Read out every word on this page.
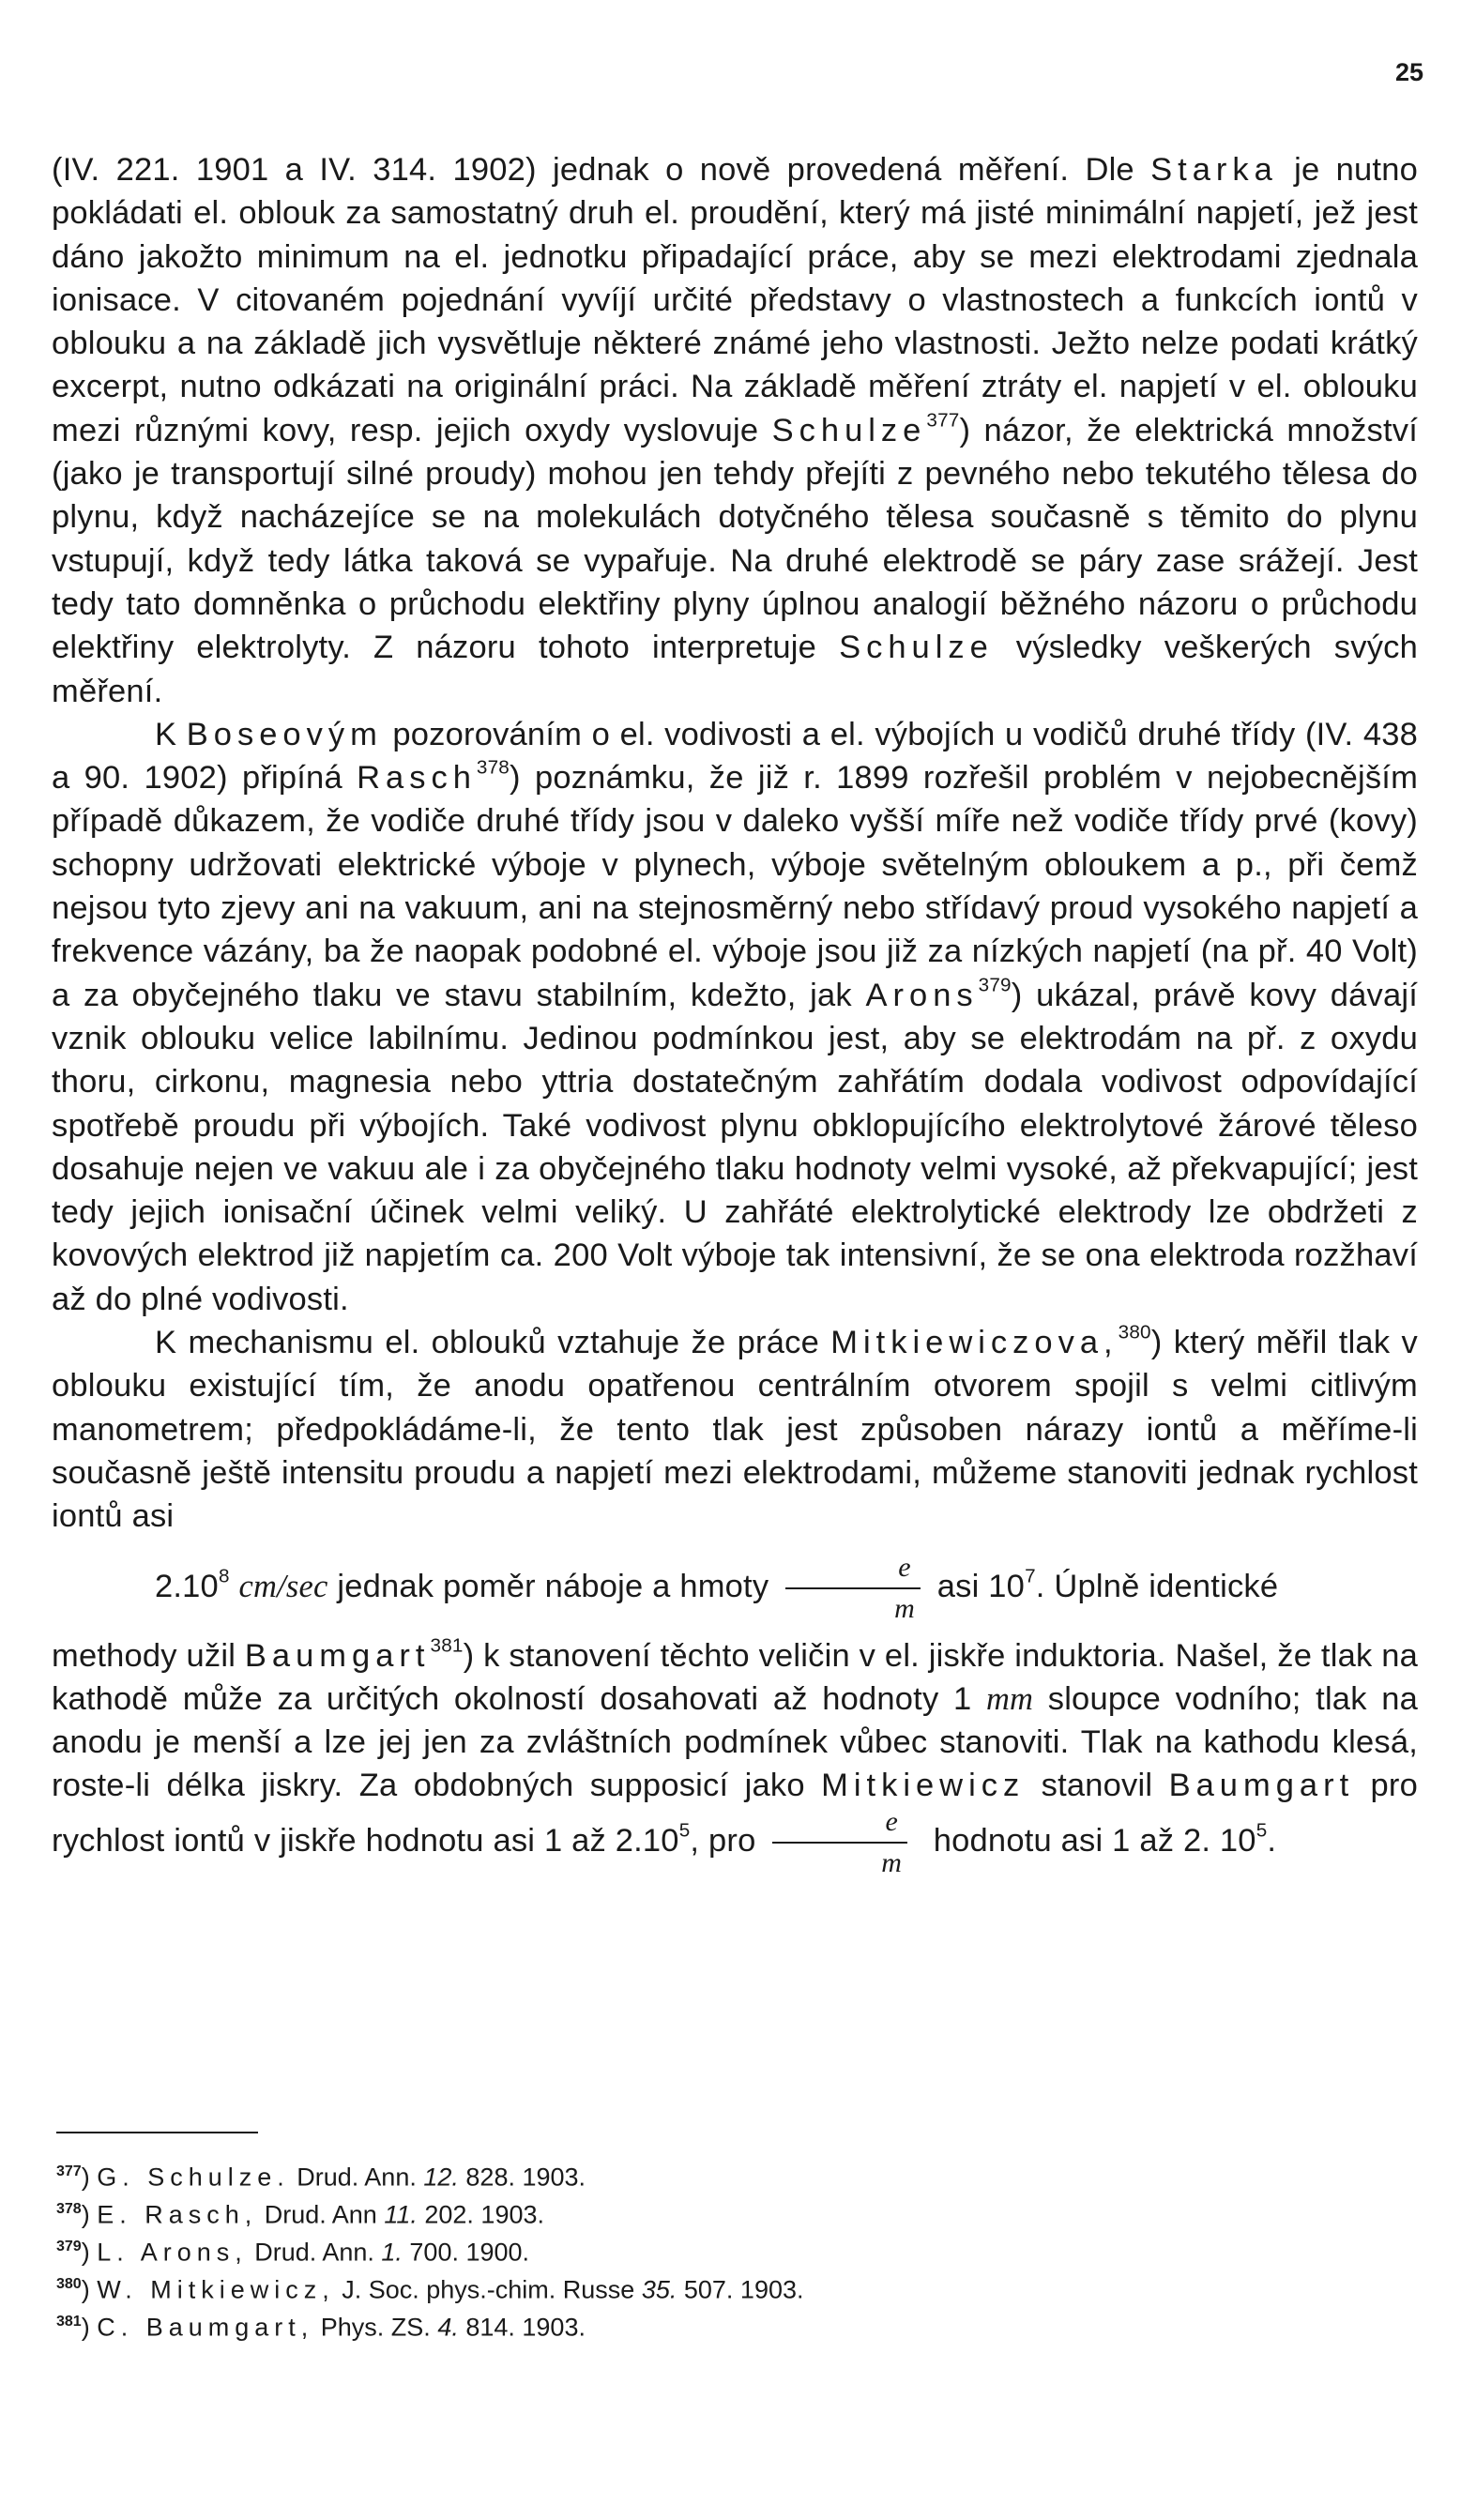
25

(IV. 221. 1901 a IV. 314. 1902) jednak o nově provedená měření. Dle Starka je nutno pokládati el. oblouk za samostatný druh el. proudění, který má jisté minimální napjetí, jež jest dáno jakožto minimum na el. jednotku připadající práce, aby se mezi elektrodami zjednala ionisace. V citovaném pojednání vyvíjí určité představy o vlastnostech a funkcích iontů v oblouku a na základě jich vysvětluje některé známé jeho vlastnosti. Ježto nelze podati krátký excerpt, nutno odkázati na originální práci. Na základě měření ztráty el. napjetí v el. oblouku mezi různými kovy, resp. jejich oxydy vyslovuje Schulze$^{377}$) názor, že elektrická množství (jako je transportují silné proudy) mohou jen tehdy přejíti z pevného nebo tekutého tělesa do plynu, když nacházejíce se na molekulách dotyčného tělesa současně s těmito do plynu vstupují, když tedy látka taková se vypařuje. Na druhé elektrodě se páry zase srážejí. Jest tedy tato domněnka o průchodu elektřiny plyny úplnou analogií běžného názoru o průchodu elektřiny elektrolyty. Z názoru tohoto interpretuje Schulze výsledky veškerých svých měření.

K Boseovým pozorováním o el. vodivosti a el. výbojích u vodičů druhé třídy (IV. 438 a 90. 1902) připíná Rasch$^{378}$) poznámku, že již r. 1899 rozřešil problém v nejobecnějším případě důkazem, že vodiče druhé třídy jsou v daleko vyšší míře než vodiče třídy prvé (kovy) schopny udržovati elektrické výboje v plynech, výboje světelným obloukem a p., při čemž nejsou tyto zjevy ani na vakuum, ani na stejnosměrný nebo střídavý proud vysokého napjetí a frekvence vázány, ba že naopak podobné el. výboje jsou již za nízkých napjetí (na př. 40 Volt) a za obyčejného tlaku ve stavu stabilním, kdežto, jak Arons$^{379}$) ukázal, právě kovy dávají vznik oblouku velice labilnímu. Jedinou podmínkou jest, aby se elektrodám na př. z oxydu thoru, cirkonu, magnesia nebo yttria dostatečným zahřátím dodala vodivost odpovídající spotřebě proudu při výbojích. Také vodivost plynu obklopujícího elektrolytové žárové těleso dosahuje nejen ve vakuu ale i za obyčejného tlaku hodnoty velmi vysoké, až překvapující; jest tedy jejich ionisační účinek velmi veliký. U zahřáté elektrolytické elektrody lze obdržeti z kovových elektrod již napjetím ca. 200 Volt výboje tak intensivní, že se ona elektroda rozžhaví až do plné vodivosti.

K mechanismu el. oblouků vztahuje že práce Mitkiewiczova,$^{380}$) který měřil tlak v oblouku existující tím, že anodu opatřenou centrálním otvorem spojil s velmi citlivým manometrem; předpokládáme-li, že tento tlak jest způsoben nárazy iontů a měříme-li současně ještě intensitu proudu a napjetí mezi elektrodami, můžeme stanoviti jednak rychlost iontů asi
2.10$^8$ cm/sec jednak poměr náboje a hmoty $\frac{e}{m}$ asi $10^7$. Úplně identické
methody užil Baumgart$^{381}$) k stanovení těchto veličin v el. jiskře induktoria. Našel, že tlak na kathodě může za určitých okolností dosahovati až hodnoty 1 mm sloupce vodního; tlak na anodu je menší a lze jej jen za zvláštních podmínek vůbec stanoviti. Tlak na kathodu klesá, roste-li délka jiskry. Za obdobných supposicí jako Mitkiewicz stanovil Baumgart pro rychlost iontů v jiskře hodnotu asi 1 až 2.10$^5$, pro $\frac{e}{m}$ hodnotu asi 1 až 2. $10^5$.

$^{377}$) G. Schulze. Drud. Ann. 12. 828. 1903.
$^{378}$) E. Rasch, Drud. Ann 11. 202. 1903.
$^{379}$) L. Arons, Drud. Ann. 1. 700. 1900.
$^{380}$) W. Mitkiewicz, J. Soc. phys.-chim. Russe 35. 507. 1903.
$^{381}$) C. Baumgart, Phys. ZS. 4. 814. 1903.
